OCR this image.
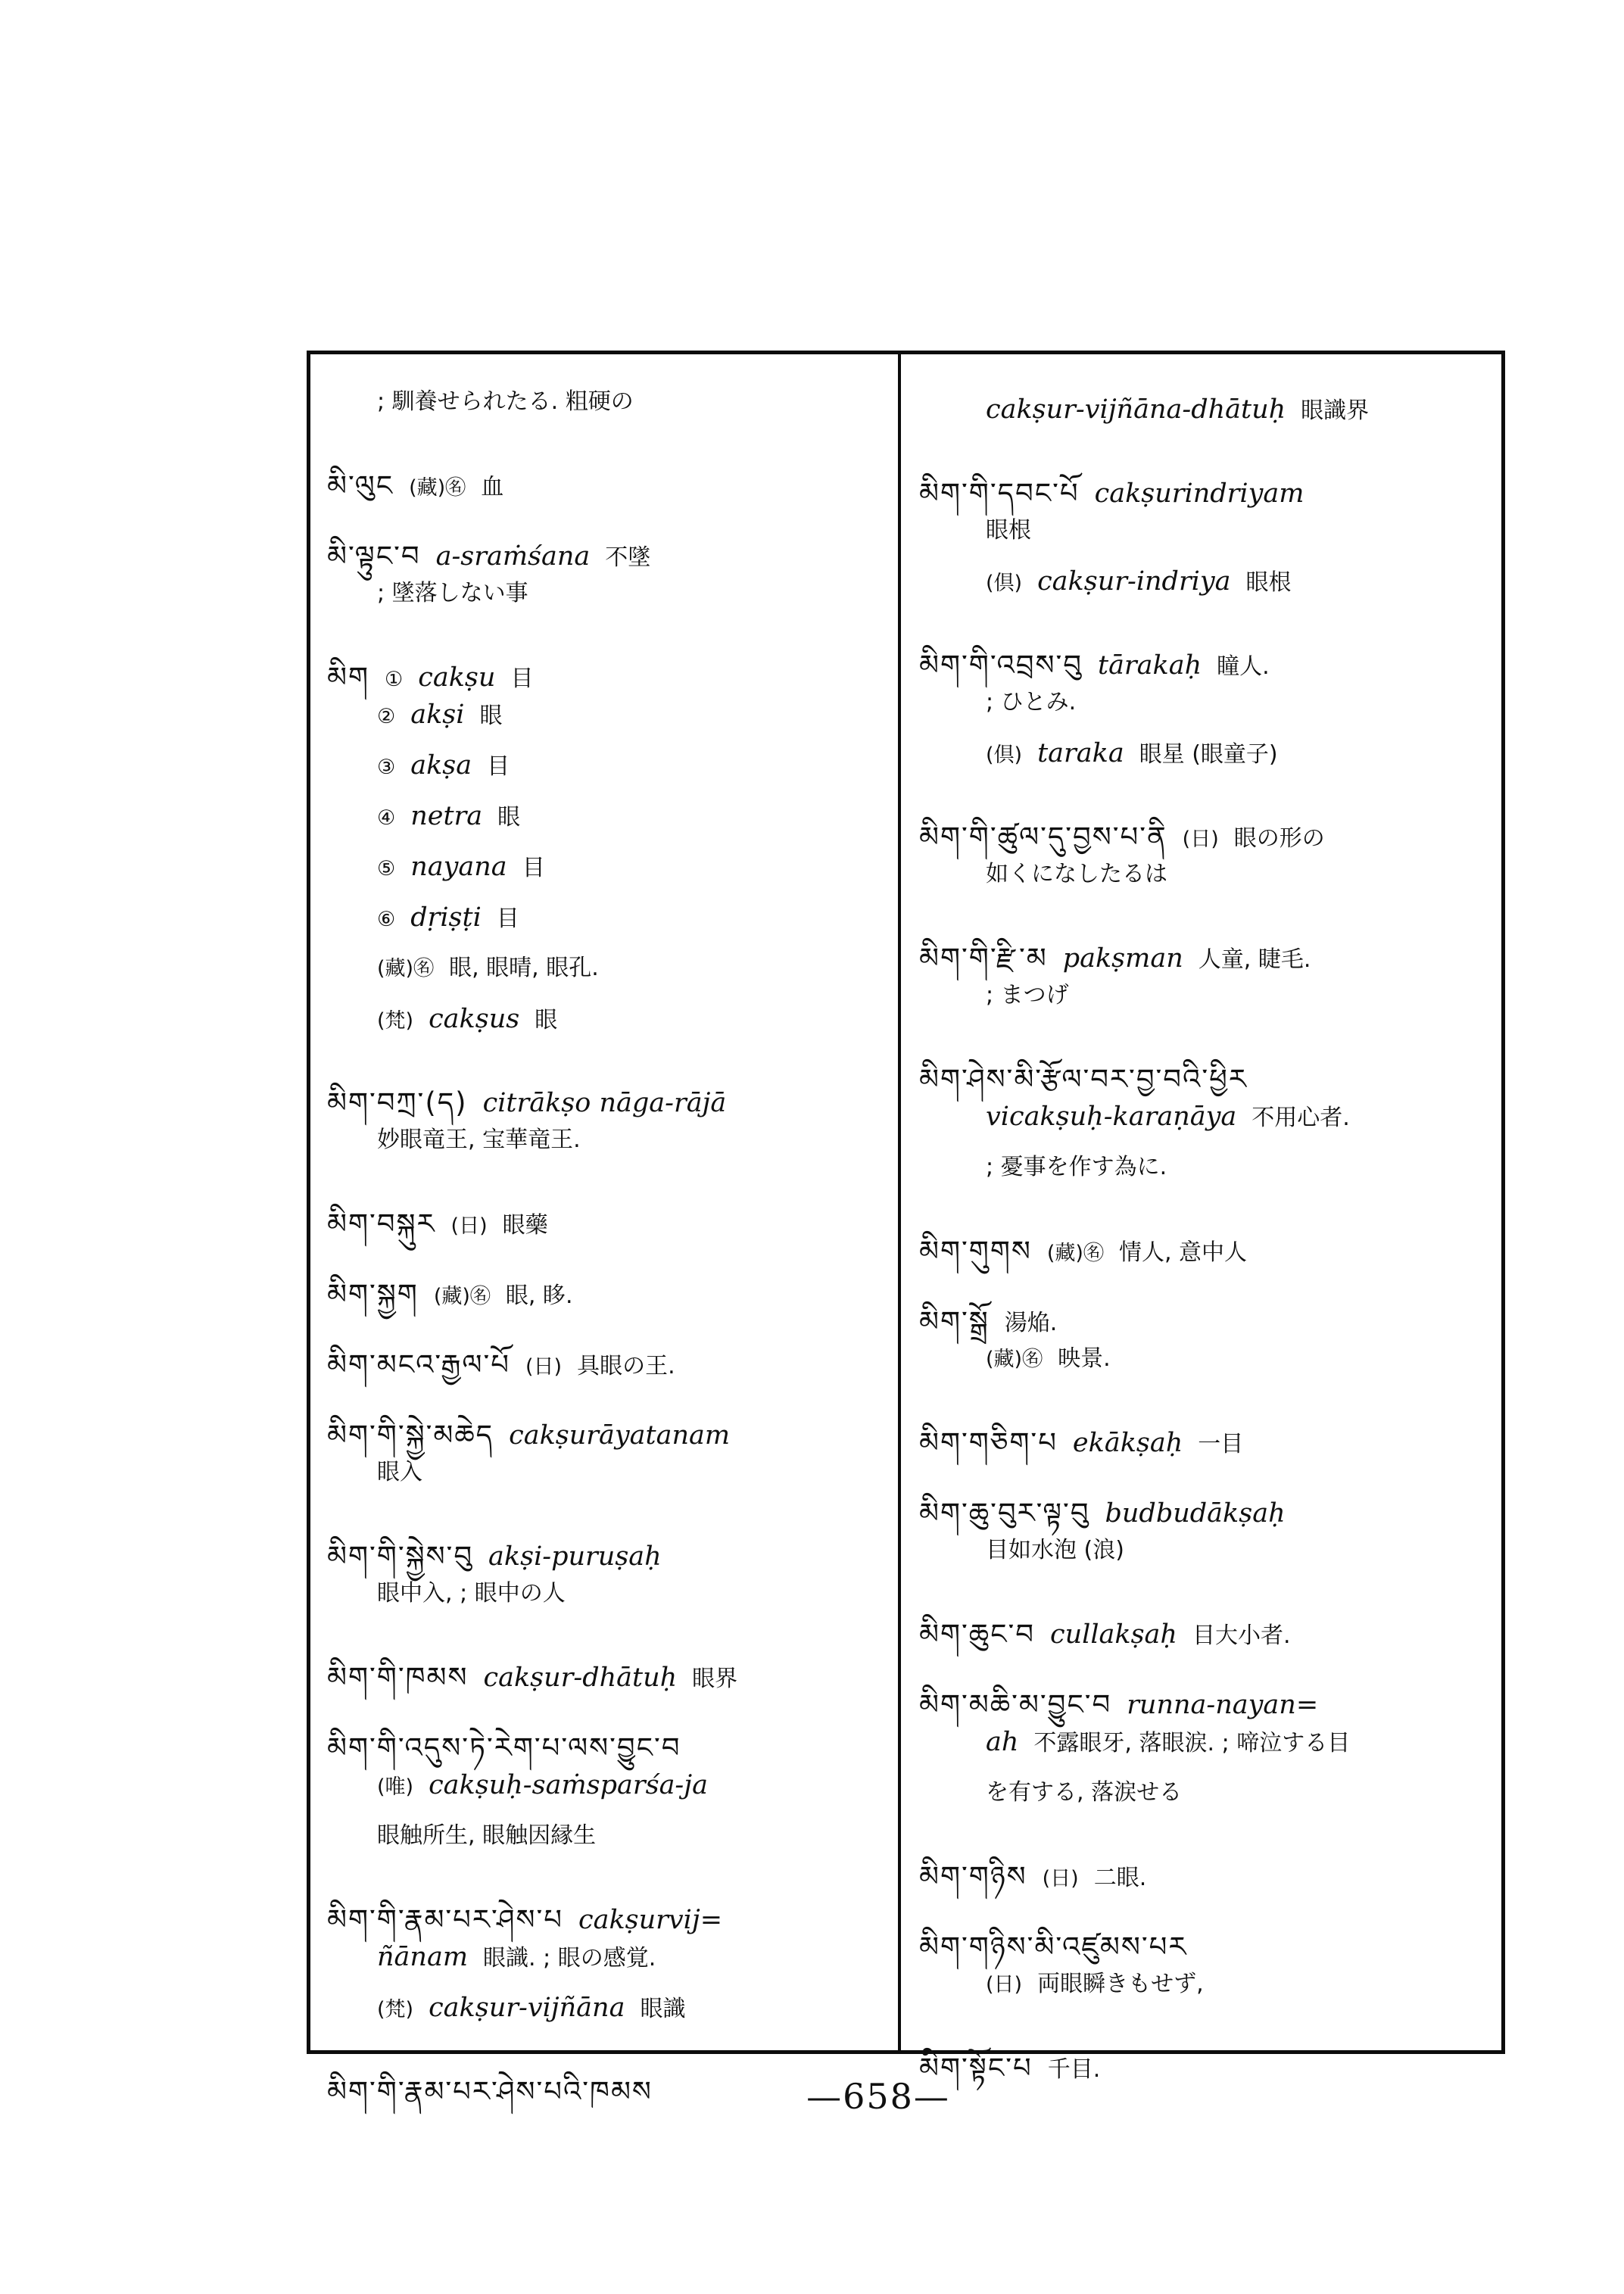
; 馴養せられたる. 粗硬の
མི་ལུང (藏)㊔ 血
མི་ལྟུང་བ a-sraṁśana 不墜
; 墜落しない事
མིག ① cakṣu 目
② akṣi 眼
③ akṣa 目
④ netra 眼
⑤ nayana 目
⑥ dṛiṣṭi 目
(藏)㊔ 眼, 眼晴, 眼孔.
(梵) cakṣus 眼
མིག་བཀྲ་(ད) citrākṣo nāga-rājā
妙眼竜王, 宝華竜王.
མིག་བསྐུར (日) 眼藥
མིག་སྐྱག (藏)㊔ 眼, 眵.
མིག་མངའ་རྒྱལ་པོ (日) 具眼の王.
མིག་གི་སྐྱེ་མཆེད cakṣurāyatanam
眼入
མིག་གི་སྐྱེས་བུ akṣi-puruṣaḥ
眼中入, ; 眼中の人
མིག་གི་ཁམས cakṣur-dhātuḥ 眼界
མིག་གི་འདུས་ཏེ་རེག་པ་ལས་བྱུང་བ
(唯) cakṣuḥ-saṁsparśa-ja
眼触所生, 眼触因縁生
མིག་གི་རྣམ་པར་ཤེས་པ cakṣurvij=
ñānam 眼識. ; 眼の感覚.
(梵) cakṣur-vijñāna 眼識
མིག་གི་རྣམ་པར་ཤེས་པའི་ཁམས
cakṣur-vijñāna-dhātuḥ 眼識界
མིག་གི་དབང་པོ cakṣurindriyam
眼根
(倶) cakṣur-indriya 眼根
མིག་གི་འབྲས་བུ tārakaḥ 瞳人.
; ひとみ.
(倶) taraka 眼星 (眼童子)
མིག་གི་ཚུལ་དུ་བྱས་པ་ནི (日) 眼の形の
如くになしたるは
མིག་གི་རྫི་མ pakṣman 人童, 睫毛.
; まつげ
མིག་ཤེས་མི་རྩོལ་བར་བྱ་བའི་ཕྱིར
vicakṣuḥ-karaṇāya 不用心者.
; 憂事を作す為に.
མིག་གུགས (藏)㊔ 情人, 意中人
མིག་སྒྲོ 湯焔.
(藏)㊔ 映景.
མིག་གཅིག་པ ekākṣaḥ 一目
མིག་ཆུ་བུར་ལྟ་བུ budbudākṣaḥ
目如水泡 (浪)
མིག་ཆུང་བ cullakṣaḥ 目大小者.
མིག་མཆི་མ་བྱུང་བ runna-nayan=
ah 不露眼牙, 落眼涙. ; 啼泣する目
を有する, 落涙せる
མིག་གཉིས (日) 二眼.
མིག་གཉིས་མི་འཛུམས་པར
(日) 両眼瞬きもせず,
མིག་སྟོང་པ 千目.
—658—
